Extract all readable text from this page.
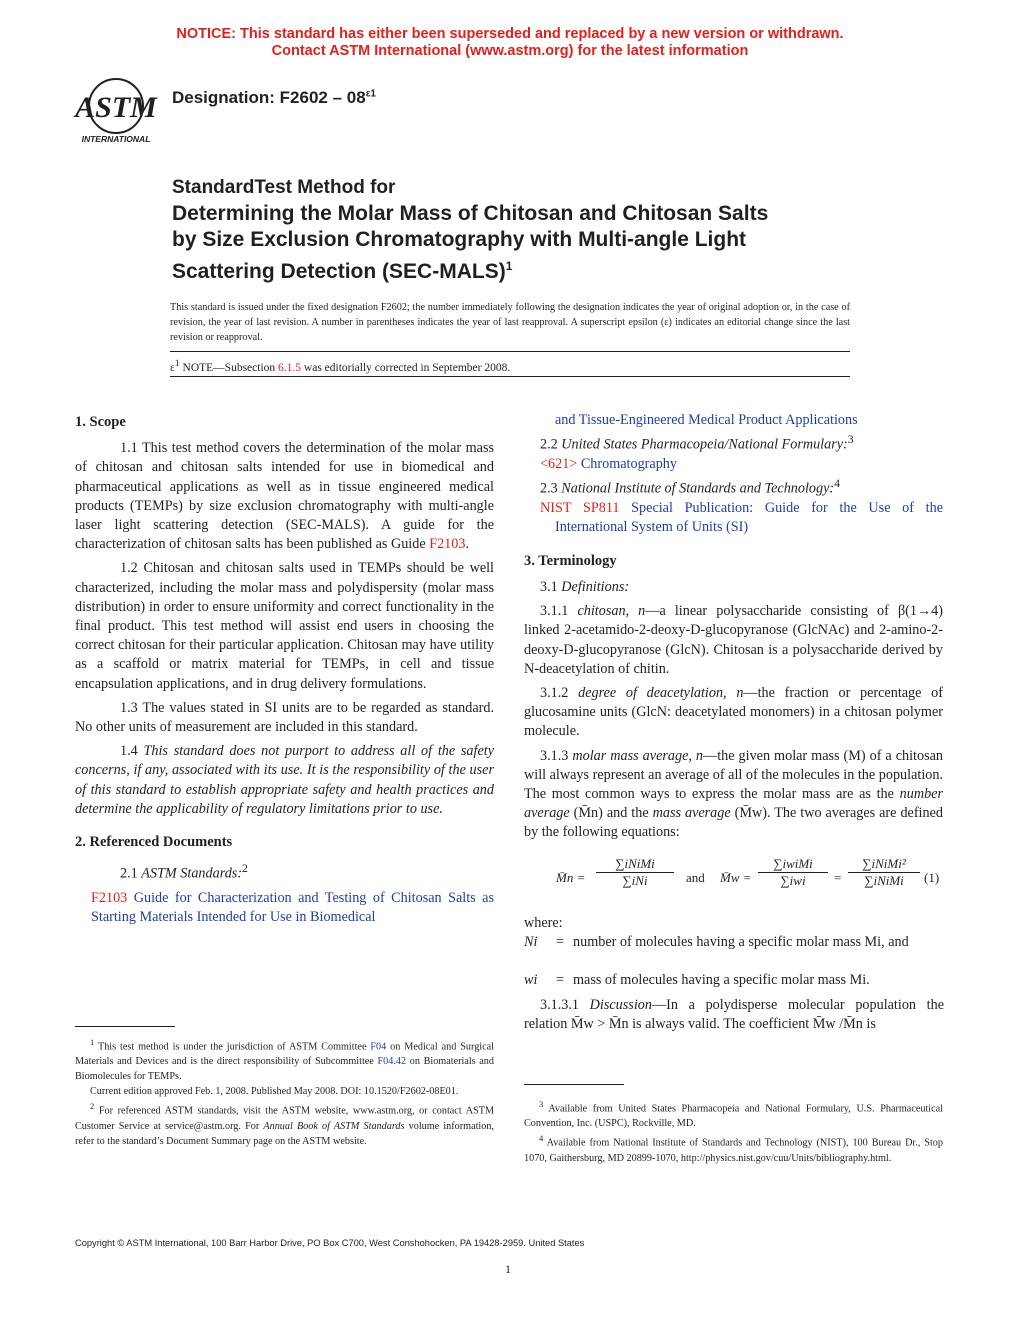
NOTICE: This standard has either been superseded and replaced by a new version or withdrawn.
Contact ASTM International (www.astm.org) for the latest information
ASTM
INTERNATIONAL
Designation: $F2602 - 08^{\varepsilon 1}$
StandardTest Method for
Determining the Molar Mass of Chitosan and Chitosan Salts
by Size Exclusion Chromatography with Multi-angle Light
Scattering Detection (SEC-MALS)$^1$
This standard is issued under the fixed designation F2602; the number immediately following the designation indicates the year of original adoption or, in the case of revision, the year of last revision. A number in parentheses indicates the year of last reapproval. A superscript epsilon (ε) indicates an editorial change since the last revision or reapproval.
$\varepsilon^1$ NOTE—Subsection 6.1.5 was editorially corrected in September 2008.
1. Scope

1.1 This test method covers the determination of the molar mass of chitosan and chitosan salts intended for use in biomedical and pharmaceutical applications as well as in tissue engineered medical products (TEMPs) by size exclusion chromatography with multi-angle laser light scattering detection (SEC-MALS). A guide for the characterization of chitosan salts has been published as Guide F2103.

1.2 Chitosan and chitosan salts used in TEMPs should be well characterized, including the molar mass and polydispersity (molar mass distribution) in order to ensure uniformity and correct functionality in the final product. This test method will assist end users in choosing the correct chitosan for their particular application. Chitosan may have utility as a scaffold or matrix material for TEMPs, in cell and tissue encapsulation applications, and in drug delivery formulations.

1.3 The values stated in SI units are to be regarded as standard. No other units of measurement are included in this standard.

1.4 This standard does not purport to address all of the safety concerns, if any, associated with its use. It is the responsibility of the user of this standard to establish appropriate safety and health practices and determine the applicability of regulatory limitations prior to use.

2. Referenced Documents

2.1 ASTM Standards:$^2$

F2103 Guide for Characterization and Testing of Chitosan Salts as Starting Materials Intended for Use in Biomedical

$^1$ This test method is under the jurisdiction of ASTM Committee F04 on Medical and Surgical Materials and Devices and is the direct responsibility of Subcommittee F04.42 on Biomaterials and Biomolecules for TEMPs.

Current edition approved Feb. 1, 2008. Published May 2008. DOI: 10.1520/F2602-08E01.

$^2$ For referenced ASTM standards, visit the ASTM website, www.astm.org, or contact ASTM Customer Service at service@astm.org. For Annual Book of ASTM Standards volume information, refer to the standard’s Document Summary page on the ASTM website.

and Tissue-Engineered Medical Product Applications
2.2 United States Pharmacopeia/National Formulary:$^3$
<621> Chromatography
2.3 National Institute of Standards and Technology:$^4$
NIST SP811 Special Publication: Guide for the Use of the International System of Units (SI)
3. Terminology

3.1 Definitions:

3.1.1 chitosan, n—a linear polysaccharide consisting of β(1→4) linked 2-acetamido-2-deoxy-D-glucopyranose (GlcNAc) and 2-amino-2-deoxy-D-glucopyranose (GlcN). Chitosan is a polysaccharide derived by N-deacetylation of chitin.

3.1.2 degree of deacetylation, n—the fraction or percentage of glucosamine units (GlcN: deacetylated monomers) in a chitosan polymer molecule.

3.1.3 molar mass average, n—the given molar mass (M) of a chitosan will always represent an average of all of the molecules in the population. The most common ways to express the molar mass are as the number average (M̄n) and the mass average (M̄w). The two averages are defined by the following equations:

M̄n =
∑iNiMi
∑iNi	and M̄w =
∑iwiMi
∑iwi	=
∑iNiMi²
∑iNiMi	(1)
where:
Ni = number of molecules having a specific molar mass Mi, and
wi = mass of molecules having a specific molar mass Mi.

3.1.3.1 Discussion—In a polydisperse molecular population the relation M̄w > M̄n is always valid. The coefficient M̄w /M̄n is

$^3$ Available from United States Pharmacopeia and National Formulary, U.S. Pharmaceutical Convention, Inc. (USPC), Rockville, MD.

$^4$ Available from National Institute of Standards and Technology (NIST), 100 Bureau Dr., Stop 1070, Gaithersburg, MD 20899-1070, http://physics.nist.gov/cuu/Units/bibliography.html.

Copyright © ASTM International, 100 Barr Harbor Drive, PO Box C700, West Conshohocken, PA 19428-2959. United States
1
